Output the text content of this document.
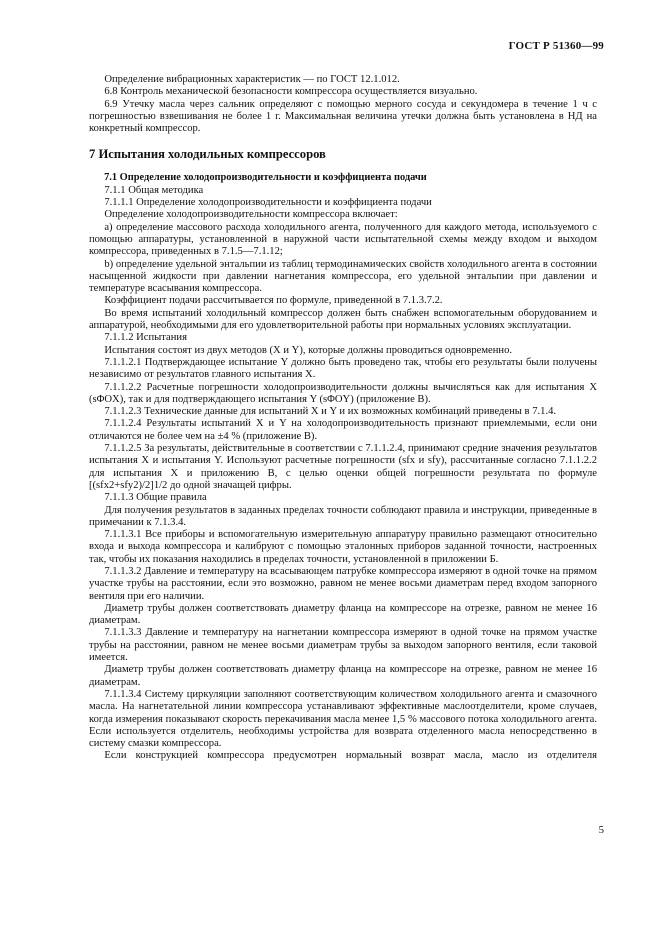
ГОСТ Р 51360—99

Определение вибрационных характеристик — по ГОСТ 12.1.012.

6.8 Контроль механической безопасности компрессора осуществляется визуально.

6.9 Утечку масла через сальник определяют с помощью мерного сосуда и секундомера в течение 1 ч с погрешностью взвешивания не более 1 г. Максимальная величина утечки должна быть установлена в НД на конкретный компрессор.

7 Испытания холодильных компрессоров

7.1 Определение холодопроизводительности и коэффициента подачи

7.1.1 Общая методика

7.1.1.1 Определение холодопроизводительности и коэффициента подачи

Определение холодопроизводительности компрессора включает:

а) определение массового расхода холодильного агента, полученного для каждого метода, используемого с помощью аппаратуры, установленной в наружной части испытательной схемы между входом и выходом компрессора, приведенных в 7.1.5—7.1.12;

b) определение удельной энтальпии из таблиц термодинамических свойств холодильного агента в состоянии насыщенной жидкости при давлении нагнетания компрессора, его удельной энтальпии при давлении и температуре всасывания компрессора.

Коэффициент подачи рассчитывается по формуле, приведенной в 7.1.3.7.2.

Во время испытаний холодильный компрессор должен быть снабжен вспомогательным оборудованием и аппаратурой, необходимыми для его удовлетворительной работы при нормальных условиях эксплуатации.

7.1.1.2 Испытания

Испытания состоят из двух методов (X и Y), которые должны проводиться одновременно.

7.1.1.2.1 Подтверждающее испытание Y должно быть проведено так, чтобы его результаты были получены независимо от результатов главного испытания X.

7.1.1.2.2 Расчетные погрешности холодопроизводительности должны вычисляться как для испытания X (sΦOX), так и для подтверждающего испытания Y (sΦOY) (приложение В).

7.1.1.2.3 Технические данные для испытаний X и Y и их возможных комбинаций приведены в 7.1.4.

7.1.1.2.4 Результаты испытаний X и Y на холодопроизводительность признают приемлемыми, если они отличаются не более чем на ±4 % (приложение В).

7.1.1.2.5 За результаты, действительные в соответствии с 7.1.1.2.4, принимают средние значения результатов испытания X и испытания Y. Используют расчетные погрешности (sfx и sfy), рассчитанные согласно 7.1.1.2.2 для испытания X и приложению В, с целью оценки общей погрешности результата по формуле [(sfx2+sfy2)/2]1/2 до одной значащей цифры.

7.1.1.3 Общие правила

Для получения результатов в заданных пределах точности соблюдают правила и инструкции, приведенные в примечании к 7.1.3.4.

7.1.1.3.1 Все приборы и вспомогательную измерительную аппаратуру правильно размещают относительно входа и выхода компрессора и калибруют с помощью эталонных приборов заданной точности, настроенных так, чтобы их показания находились в пределах точности, установленной в приложении Б.

7.1.1.3.2 Давление и температуру на всасывающем патрубке компрессора измеряют в одной точке на прямом участке трубы на расстоянии, если это возможно, равном не менее восьми диаметрам перед входом запорного вентиля при его наличии.

Диаметр трубы должен соответствовать диаметру фланца на компрессоре на отрезке, равном не менее 16 диаметрам.

7.1.1.3.3 Давление и температуру на нагнетании компрессора измеряют в одной точке на прямом участке трубы на расстоянии, равном не менее восьми диаметрам трубы за выходом запорного вентиля, если таковой имеется.

Диаметр трубы должен соответствовать диаметру фланца на компрессоре на отрезке, равном не менее 16 диаметрам.

7.1.1.3.4 Систему циркуляции заполняют соответствующим количеством холодильного агента и смазочного масла. На нагнетательной линии компрессора устанавливают эффективные маслоотделители, кроме случаев, когда измерения показывают скорость перекачивания масла менее 1,5 % массового потока холодильного агента. Если используется отделитель, необходимы устройства для возврата отделенного масла непосредственно в систему смазки компрессора.

Если конструкцией компрессора предусмотрен нормальный возврат масла, масло из отделителя

5
